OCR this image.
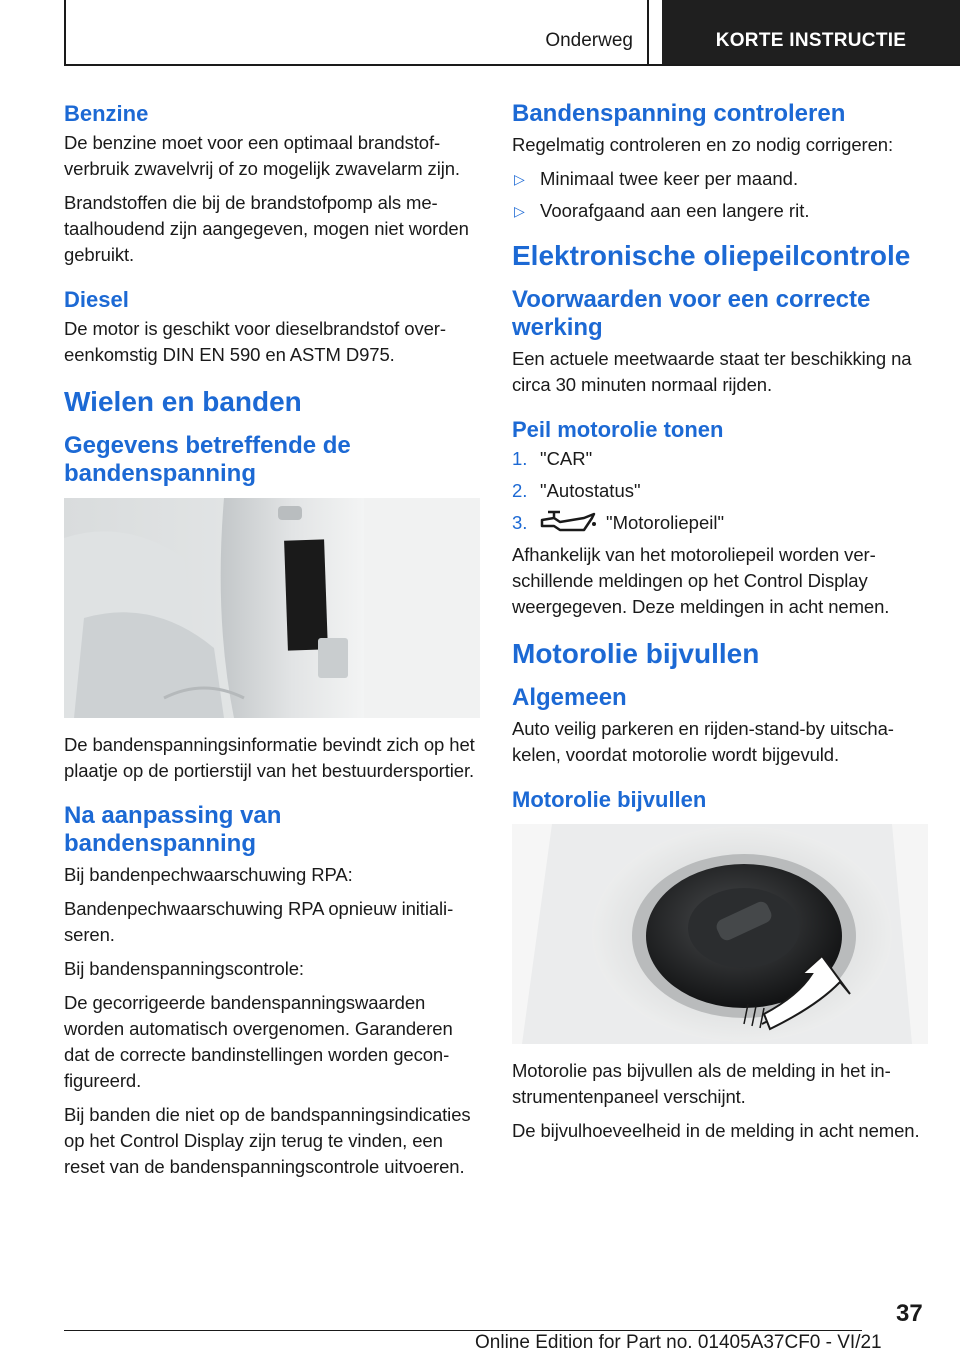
Onderweg	KORTE INSTRUCTIE
Benzine

De benzine moet voor een optimaal brandstofverbruik zwavelvrij of zo mogelijk zwavelarm zijn.

Brandstoffen die bij de brandstofpomp als metaalhoudend zijn aangegeven, mogen niet worden gebruikt.

Diesel

De motor is geschikt voor dieselbrandstof overeenkomstig DIN EN 590 en ASTM D975.

Wielen en banden
Gegevens betreffende de bandenspanning

De bandenspanningsinformatie bevindt zich op het plaatje op de portierstijl van het bestuurdersportier.

Na aanpassing van bandenspanning

Bij bandenpechwaarschuwing RPA:

Bandenpechwaarschuwing RPA opnieuw initialiseren.

Bij bandenspanningscontrole:

De gecorrigeerde bandenspanningswaarden worden automatisch overgenomen. Garanderen dat de correcte bandinstellingen worden geconfigureerd.

Bij banden die niet op de bandspanningsindicaties op het Control Display zijn terug te vinden, een reset van de bandenspanningscontrole uitvoeren.

Bandenspanning controleren

Regelmatig controleren en zo nodig corrigeren:

▷ Minimaal twee keer per maand.
▷ Voorafgaand aan een langere rit.
Elektronische oliepeilcontrole
Voorwaarden voor een correcte werking

Een actuele meetwaarde staat ter beschikking na circa 30 minuten normaal rijden.

Peil motorolie tonen
1. "CAR"
2. "Autostatus"
3.	"Motoroliepeil"

Afhankelijk van het motoroliepeil worden verschillende meldingen op het Control Display weergegeven. Deze meldingen in acht nemen.

Motorolie bijvullen
Algemeen

Auto veilig parkeren en rijden-stand-by uitschakelen, voordat motorolie wordt bijgevuld.

Motorolie bijvullen

Motorolie pas bijvullen als de melding in het instrumentenpaneel verschijnt.

De bijvulhoeveelheid in de melding in acht nemen.

37
Online Edition for Part no. 01405A37CF0 - VI/21
